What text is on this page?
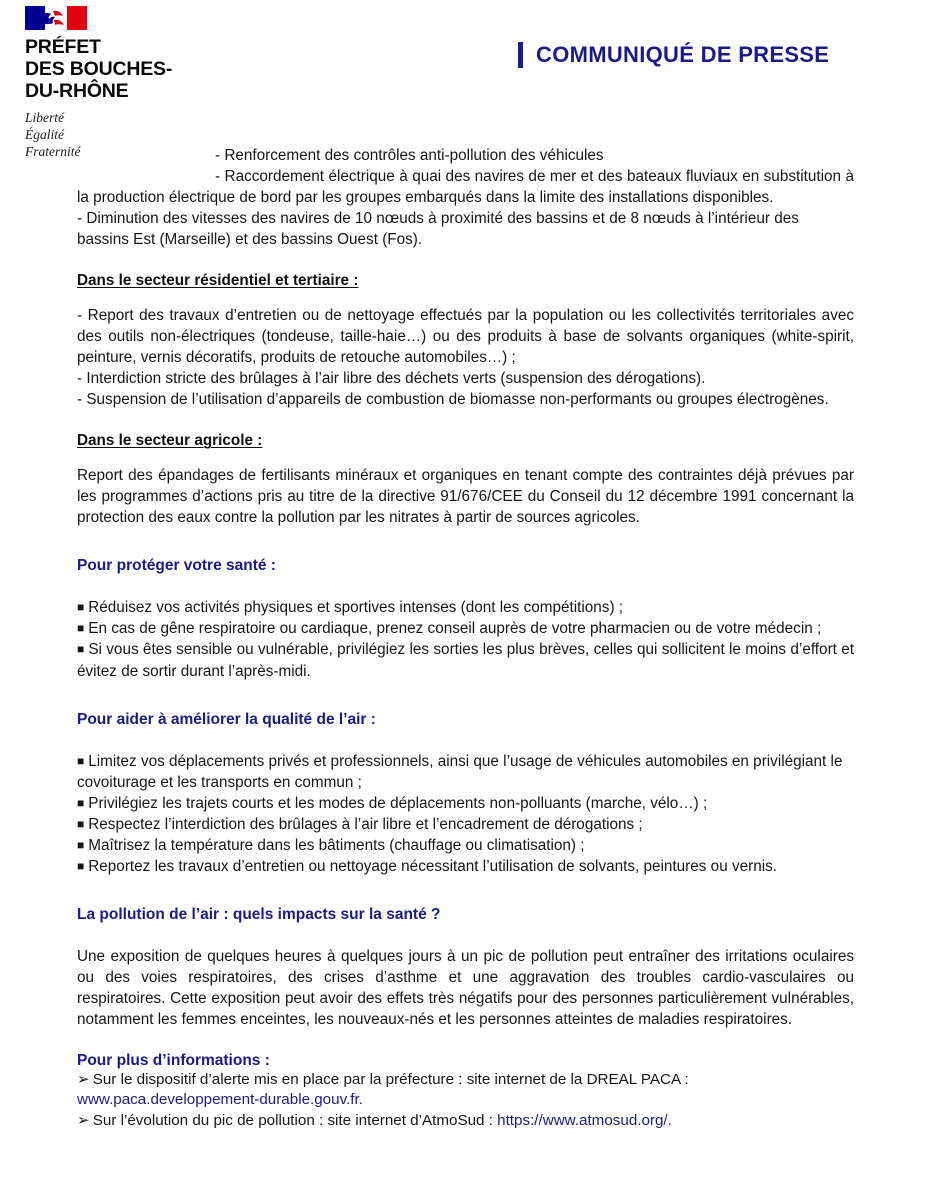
PRÉFET

DES BOUCHES-

DU-RHÔNE

Liberté

Égalité

Fraternité

COMMUNIQUÉ DE PRESSE

- Renforcement des contrôles anti-pollution des véhicules

- Raccordement électrique à quai des navires de mer et des bateaux fluviaux en substitution à la production électrique de bord par les groupes embarqués dans la limite des installations disponibles.

- Diminution des vitesses des navires de 10 nœuds à proximité des bassins et de 8 nœuds à l’intérieur des bassins Est (Marseille) et des bassins Ouest (Fos).

Dans le secteur résidentiel et tertiaire :

- Report des travaux d’entretien ou de nettoyage effectués par la population ou les collectivités territoriales avec des outils non-électriques (tondeuse, taille-haie…) ou des produits à base de solvants organiques (white-spirit, peinture, vernis décoratifs, produits de retouche automobiles…) ;

- Interdiction stricte des brûlages à l’air libre des déchets verts (suspension des dérogations).

- Suspension de l’utilisation d’appareils de combustion de biomasse non-performants ou groupes électrogènes.

Dans le secteur agricole :

Report des épandages de fertilisants minéraux et organiques en tenant compte des contraintes déjà prévues par les programmes d’actions pris au titre de la directive 91/676/CEE du Conseil du 12 décembre 1991 concernant la protection des eaux contre la pollution par les nitrates à partir de sources agricoles.

Pour protéger votre santé :

■ Réduisez vos activités physiques et sportives intenses (dont les compétitions) ;

■ En cas de gêne respiratoire ou cardiaque, prenez conseil auprès de votre pharmacien ou de votre médecin ;

■ Si vous êtes sensible ou vulnérable, privilégiez les sorties les plus brèves, celles qui sollicitent le moins d’effort et évitez de sortir durant l’après-midi.

Pour aider à améliorer la qualité de l’air :

■ Limitez vos déplacements privés et professionnels, ainsi que l’usage de véhicules automobiles en privilégiant le covoiturage et les transports en commun ;

■ Privilégiez les trajets courts et les modes de déplacements non-polluants (marche, vélo…) ;

■ Respectez l’interdiction des brûlages à l’air libre et l’encadrement de dérogations ;

■ Maîtrisez la température dans les bâtiments (chauffage ou climatisation) ;

■ Reportez les travaux d’entretien ou nettoyage nécessitant l’utilisation de solvants, peintures ou vernis.

La pollution de l’air : quels impacts sur la santé ?

Une exposition de quelques heures à quelques jours à un pic de pollution peut entraîner des irritations oculaires ou des voies respiratoires, des crises d’asthme et une aggravation des troubles cardio-vasculaires ou respiratoires. Cette exposition peut avoir des effets très négatifs pour des personnes particulièrement vulnérables, notamment les femmes enceintes, les nouveaux-nés et les personnes atteintes de maladies respiratoires.

Pour plus d’informations :

➢ Sur le dispositif d’alerte mis en place par la préfecture : site internet de la DREAL PACA :

www.paca.developpement-durable.gouv.fr.

➢ Sur l’évolution du pic de pollution : site internet d’AtmoSud : https://www.atmosud.org/.
